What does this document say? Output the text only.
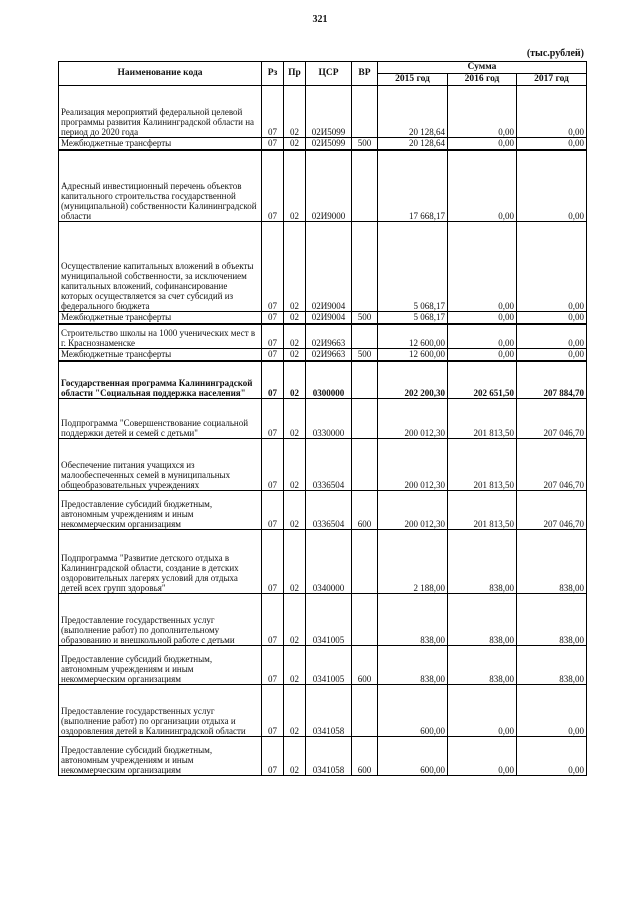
321
(тыс.рублей)
Наименование кода	Рз	Пр	ЦСР	ВР	Сумма		
					2015 год	2016 год	2017 год
Реализация мероприятий федеральной целевой программы развития Калининградской области на период до 2020 года	07	02	02И5099		20 128,64	0,00	0,00
Межбюджетные трансферты	07	02	02И5099	500	20 128,64	0,00	0,00
Адресный инвестиционный перечень объектов капитального строительства государственной (муниципальной) собственности Калининградской области	07	02	02И9000		17 668,17	0,00	0,00
Осуществление капитальных вложений в объекты муниципальной собственности, за исключением капитальных вложений, софинансирование которых осуществляется за счет субсидий из федерального бюджета	07	02	02И9004		5 068,17	0,00	0,00
Межбюджетные трансферты	07	02	02И9004	500	5 068,17	0,00	0,00
Строительство школы на 1000 ученических мест в г. Краснознаменске	07	02	02И9663		12 600,00	0,00	0,00
Межбюджетные трансферты	07	02	02И9663	500	12 600,00	0,00	0,00
Государственная программа Калининградской области "Социальная поддержка населения"	07	02	0300000		202 200,30	202 651,50	207 884,70
Подпрограмма "Совершенствование социальной поддержки детей и семей с детьми"	07	02	0330000		200 012,30	201 813,50	207 046,70
Обеспечение питания учащихся из малообеспеченных семей в муниципальных общеобразовательных учреждениях	07	02	0336504		200 012,30	201 813,50	207 046,70
Предоставление субсидий бюджетным, автономным учреждениям и иным некоммерческим организациям	07	02	0336504	600	200 012,30	201 813,50	207 046,70
Подпрограмма "Развитие детского отдыха в Калининградской области, создание в детских оздоровительных лагерях условий для отдыха детей всех групп здоровья"	07	02	0340000		2 188,00	838,00	838,00
Предоставление государственных услуг (выполнение работ) по дополнительному образованию и внешкольной работе с детьми	07	02	0341005		838,00	838,00	838,00
Предоставление субсидий бюджетным, автономным учреждениям и иным некоммерческим организациям	07	02	0341005	600	838,00	838,00	838,00
Предоставление государственных услуг (выполнение работ) по организации отдыха и оздоровления детей в Калининградской области	07	02	0341058		600,00	0,00	0,00
Предоставление субсидий бюджетным, автономным учреждениям и иным некоммерческим организациям	07	02	0341058	600	600,00	0,00	0,00
